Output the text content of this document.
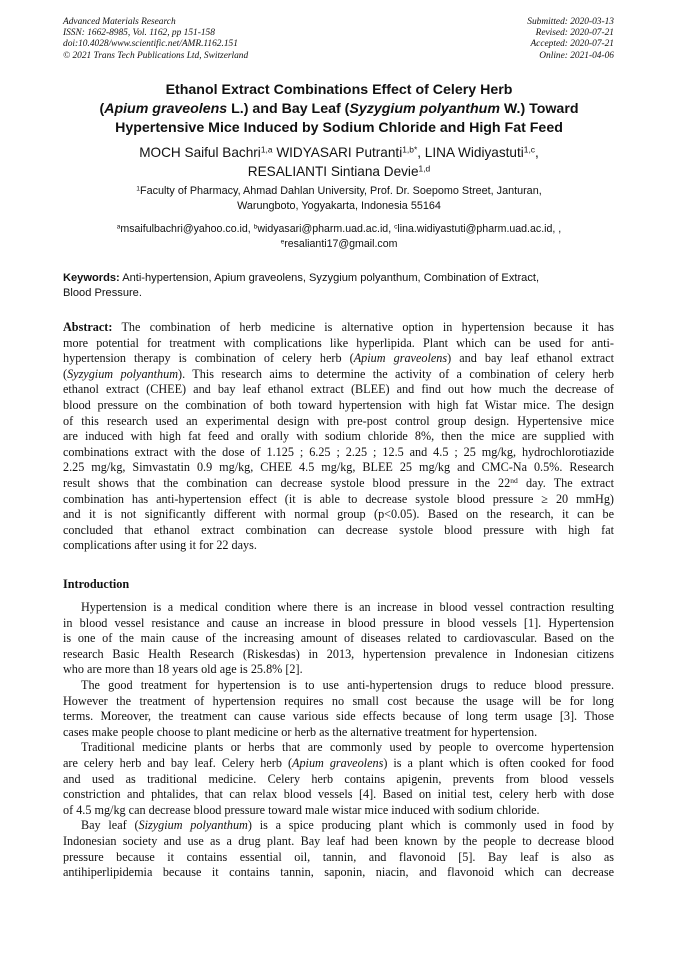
Advanced Materials Research
ISSN: 1662-8985, Vol. 1162, pp 151-158
doi:10.4028/www.scientific.net/AMR.1162.151
© 2021 Trans Tech Publications Ltd, Switzerland
Submitted: 2020-03-13
Revised: 2020-07-21
Accepted: 2020-07-21
Online: 2021-04-06
Ethanol Extract Combinations Effect of Celery Herb
(Apium graveolens L.) and Bay Leaf (Syzygium polyanthum W.) Toward
Hypertensive Mice Induced by Sodium Chloride and High Fat Feed
MOCH Saiful Bachri$^{1,a}$ WIDYASARI Putranti$^{1,b*}$, LINA Widiyastuti$^{1,c}$,
RESALIANTI Sintiana Devie$^{1,d}$
$^1$Faculty of Pharmacy, Ahmad Dahlan University, Prof. Dr. Soepomo Street, Janturan,
Warungboto, Yogyakarta, Indonesia 55164
$^a$msaifulbachri@yahoo.co.id, $^b$widyasari@pharm.uad.ac.id, $^c$lina.widiyastuti@pharm.uad.ac.id, ,
$^e$resalianti17@gmail.com
Keywords: Anti-hypertension, Apium graveolens, Syzygium polyanthum, Combination of Extract,
Blood Pressure.
Abstract: The combination of herb medicine is alternative option in hypertension because it has
more potential for treatment with complications like hyperlipida. Plant which can be used for anti-
hypertension therapy is combination of celery herb (Apium graveolens) and bay leaf ethanol extract
(Syzygium polyanthum). This research aims to determine the activity of a combination of celery herb
ethanol extract (CHEE) and bay leaf ethanol extract (BLEE) and find out how much the decrease of
blood pressure on the combination of both toward hypertension with high fat Wistar mice. The design
of this research used an experimental design with pre-post control group design. Hypertensive mice
are induced with high fat feed and orally with sodium chloride 8%, then the mice are supplied with
combinations extract with the dose of 1.125 ; 6.25 ; 2.25 ; 12.5 and 4.5 ; 25 mg/kg, hydrochlorotiazide
2.25 mg/kg, Simvastatin 0.9 mg/kg, CHEE 4.5 mg/kg, BLEE 25 mg/kg and CMC-Na 0.5%. Research
result shows that the combination can decrease systole blood pressure in the 22nd day. The extract
combination has anti-hypertension effect (it is able to decrease systole blood pressure ≥ 20 mmHg)
and it is not significantly different with normal group (p<0.05). Based on the research, it can be
concluded that ethanol extract combination can decrease systole blood pressure with high fat
complications after using it for 22 days.
Introduction
Hypertension is a medical condition where there is an increase in blood vessel contraction resulting
in blood vessel resistance and cause an increase in blood pressure in blood vessels [1]. Hypertension
is one of the main cause of the increasing amount of diseases related to cardiovascular. Based on the
research Basic Health Research (Riskesdas) in 2013, hypertension prevalence in Indonesian citizens
who are more than 18 years old age is 25.8% [2].
The good treatment for hypertension is to use anti-hypertension drugs to reduce blood pressure.
However the treatment of hypertension requires no small cost because the usage will be for long
terms. Moreover, the treatment can cause various side effects because of long term usage [3]. Those
cases make people choose to plant medicine or herb as the alternative treatment for hypertension.
Traditional medicine plants or herbs that are commonly used by people to overcome hypertension
are celery herb and bay leaf. Celery herb (Apium graveolens) is a plant which is often cooked for food
and used as traditional medicine. Celery herb contains apigenin, prevents from blood vessels
constriction and phtalides, that can relax blood vessels [4]. Based on initial test, celery herb with dose
of 4.5 mg/kg can decrease blood pressure toward male wistar mice induced with sodium chloride.
Bay leaf (Sizygium polyanthum) is a spice producing plant which is commonly used in food by
Indonesian society and use as a drug plant. Bay leaf had been known by the people to decrease blood
pressure because it contains essential oil, tannin, and flavonoid [5]. Bay leaf is also as
antihiperlipidemia because it contains tannin, saponin, niacin, and flavonoid which can decrease
